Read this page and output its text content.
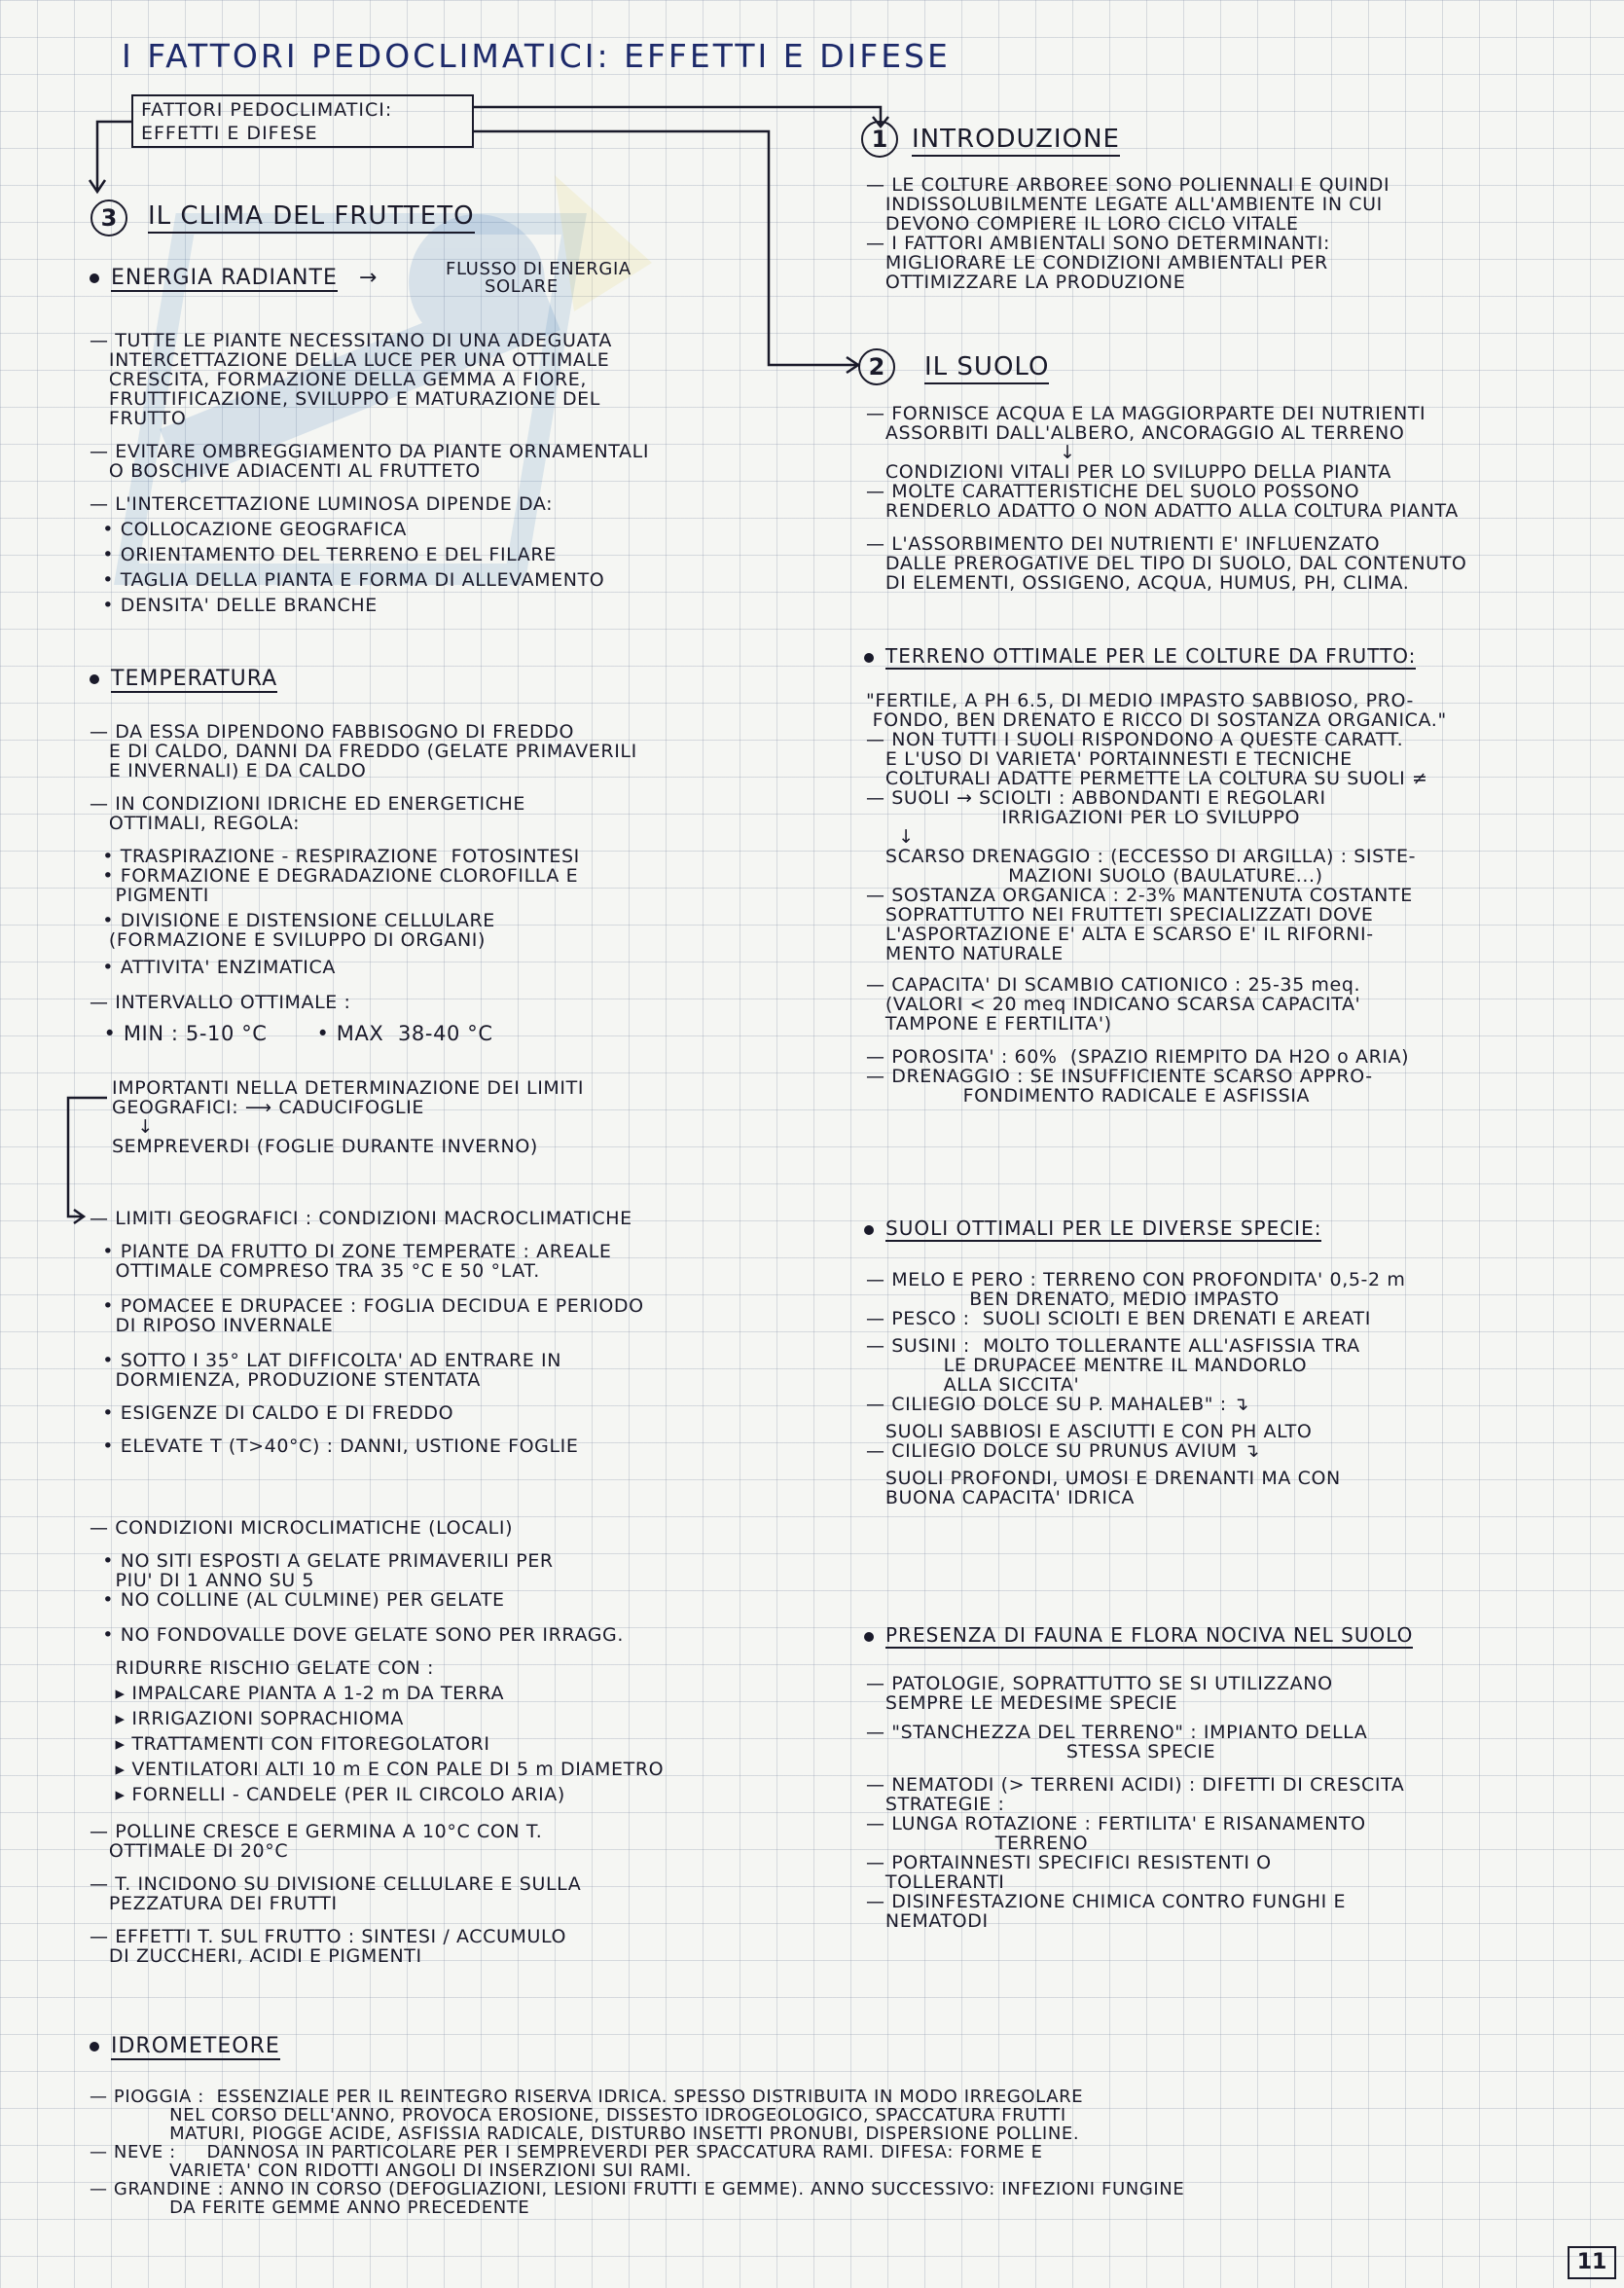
I FATTORI PEDOCLIMATICI: EFFETTI E DIFESE
FATTORI PEDOCLIMATICI:
EFFETTI E DIFESE
3	IL CLIMA DEL FRUTTETO
ENERGIA RADIANTE →	FLUSSO DI ENERGIA
SOLARE
— TUTTE LE PIANTE NECESSITANO DI UNA ADEGUATA
INTERCETTAZIONE DELLA LUCE PER UNA OTTIMALE
CRESCITA, FORMAZIONE DELLA GEMMA A FIORE,
FRUTTIFICAZIONE, SVILUPPO E MATURAZIONE DEL
FRUTTO
— EVITARE OMBREGGIAMENTO DA PIANTE ORNAMENTALI
O BOSCHIVE ADIACENTI AL FRUTTETO
— L'INTERCETTAZIONE LUMINOSA DIPENDE DA:
• COLLOCAZIONE GEOGRAFICA
• ORIENTAMENTO DEL TERRENO E DEL FILARE
• TAGLIA DELLA PIANTA E FORMA DI ALLEVAMENTO
• DENSITA' DELLE BRANCHE
TEMPERATURA
— DA ESSA DIPENDONO FABBISOGNO DI FREDDO
E DI CALDO, DANNI DA FREDDO (GELATE PRIMAVERILI
E INVERNALI) E DA CALDO
— IN CONDIZIONI IDRICHE ED ENERGETICHE
OTTIMALI, REGOLA:
• TRASPIRAZIONE - RESPIRAZIONE  FOTOSINTESI
• FORMAZIONE E DEGRADAZIONE CLOROFILLA E
PIGMENTI
• DIVISIONE E DISTENSIONE CELLULARE
(FORMAZIONE E SVILUPPO DI ORGANI)
• ATTIVITA' ENZIMATICA
— INTERVALLO OTTIMALE :
• MIN : 5-10 °C       • MAX  38-40 °C
IMPORTANTI NELLA DETERMINAZIONE DEI LIMITI
GEOGRAFICI: ⟶ CADUCIFOGLIE
↓
SEMPREVERDI (FOGLIE DURANTE INVERNO)
— LIMITI GEOGRAFICI : CONDIZIONI MACROCLIMATICHE
• PIANTE DA FRUTTO DI ZONE TEMPERATE : AREALE
OTTIMALE COMPRESO TRA 35 °C E 50 °LAT.
• POMACEE E DRUPACEE : FOGLIA DECIDUA E PERIODO
DI RIPOSO INVERNALE
• SOTTO I 35° LAT DIFFICOLTA' AD ENTRARE IN
DORMIENZA, PRODUZIONE STENTATA
• ESIGENZE DI CALDO E DI FREDDO
• ELEVATE T (T>40°C) : DANNI, USTIONE FOGLIE
— CONDIZIONI MICROCLIMATICHE (LOCALI)
• NO SITI ESPOSTI A GELATE PRIMAVERILI PER
PIU' DI 1 ANNO SU 5
• NO COLLINE (AL CULMINE) PER GELATE
• NO FONDOVALLE DOVE GELATE SONO PER IRRAGG.
RIDURRE RISCHIO GELATE CON :
▸ IMPALCARE PIANTA A 1-2 m DA TERRA
▸ IRRIGAZIONI SOPRACHIOMA
▸ TRATTAMENTI CON FITOREGOLATORI
▸ VENTILATORI ALTI 10 m E CON PALE DI 5 m DIAMETRO
▸ FORNELLI - CANDELE (PER IL CIRCOLO ARIA)
— POLLINE CRESCE E GERMINA A 10°C CON T.
OTTIMALE DI 20°C
— T. INCIDONO SU DIVISIONE CELLULARE E SULLA
PEZZATURA DEI FRUTTI
— EFFETTI T. SUL FRUTTO : SINTESI / ACCUMULO
DI ZUCCHERI, ACIDI E PIGMENTI
IDROMETEORE
1 INTRODUZIONE
— LE COLTURE ARBOREE SONO POLIENNALI E QUINDI
INDISSOLUBILMENTE LEGATE ALL'AMBIENTE IN CUI
DEVONO COMPIERE IL LORO CICLO VITALE
— I FATTORI AMBIENTALI SONO DETERMINANTI:
MIGLIORARE LE CONDIZIONI AMBIENTALI PER
OTTIMIZZARE LA PRODUZIONE
2	IL SUOLO
— FORNISCE ACQUA E LA MAGGIORPARTE DEI NUTRIENTI
ASSORBITI DALL'ALBERO, ANCORAGGIO AL TERRENO
↓
CONDIZIONI VITALI PER LO SVILUPPO DELLA PIANTA
— MOLTE CARATTERISTICHE DEL SUOLO POSSONO
RENDERLO ADATTO O NON ADATTO ALLA COLTURA PIANTA
— L'ASSORBIMENTO DEI NUTRIENTI E' INFLUENZATO
DALLE PREROGATIVE DEL TIPO DI SUOLO, DAL CONTENUTO
DI ELEMENTI, OSSIGENO, ACQUA, HUMUS, PH, CLIMA.
TERRENO OTTIMALE PER LE COLTURE DA FRUTTO:
"FERTILE, A PH 6.5, DI MEDIO IMPASTO SABBIOSO, PRO-
FONDO, BEN DRENATO E RICCO DI SOSTANZA ORGANICA."
— NON TUTTI I SUOLI RISPONDONO A QUESTE CARATT.
E L'USO DI VARIETA' PORTAINNESTI E TECNICHE
COLTURALI ADATTE PERMETTE LA COLTURA SU SUOLI ≠
— SUOLI → SCIOLTI : ABBONDANTI E REGOLARI
IRRIGAZIONI PER LO SVILUPPO
↓
SCARSO DRENAGGIO : (ECCESSO DI ARGILLA) : SISTE-
MAZIONI SUOLO (BAULATURE...)
— SOSTANZA ORGANICA : 2-3% MANTENUTA COSTANTE
SOPRATTUTTO NEI FRUTTETI SPECIALIZZATI DOVE
L'ASPORTAZIONE E' ALTA E SCARSO E' IL RIFORNI-
MENTO NATURALE
— CAPACITA' DI SCAMBIO CATIONICO : 25-35 meq.
(VALORI < 20 meq INDICANO SCARSA CAPACITA'
TAMPONE E FERTILITA')
— POROSITA' : 60%  (SPAZIO RIEMPITO DA H2O o ARIA)
— DRENAGGIO : SE INSUFFICIENTE SCARSO APPRO-
FONDIMENTO RADICALE E ASFISSIA
SUOLI OTTIMALI PER LE DIVERSE SPECIE:
— MELO E PERO : TERRENO CON PROFONDITA' 0,5-2 m
BEN DRENATO, MEDIO IMPASTO
— PESCO :  SUOLI SCIOLTI E BEN DRENATI E AREATI
— SUSINI :  MOLTO TOLLERANTE ALL'ASFISSIA TRA
LE DRUPACEE MENTRE IL MANDORLO
ALLA SICCITA'
— CILIEGIO DOLCE SU P. MAHALEB" : ↴
SUOLI SABBIOSI E ASCIUTTI E CON PH ALTO
— CILIEGIO DOLCE SU PRUNUS AVIUM ↴
SUOLI PROFONDI, UMOSI E DRENANTI MA CON
BUONA CAPACITA' IDRICA
PRESENZA DI FAUNA E FLORA NOCIVA NEL SUOLO
— PATOLOGIE, SOPRATTUTTO SE SI UTILIZZANO
SEMPRE LE MEDESIME SPECIE
— "STANCHEZZA DEL TERRENO" : IMPIANTO DELLA
STESSA SPECIE
— NEMATODI (> TERRENI ACIDI) : DIFETTI DI CRESCITA
STRATEGIE :
— LUNGA ROTAZIONE : FERTILITA' E RISANAMENTO
TERRENO
— PORTAINNESTI SPECIFICI RESISTENTI O
TOLLERANTI
— DISINFESTAZIONE CHIMICA CONTRO FUNGHI E
NEMATODI
— PIOGGIA :  ESSENZIALE PER IL REINTEGRO RISERVA IDRICA. SPESSO DISTRIBUITA IN MODO IRREGOLARE
NEL CORSO DELL'ANNO, PROVOCA EROSIONE, DISSESTO IDROGEOLOGICO, SPACCATURA FRUTTI
MATURI, PIOGGE ACIDE, ASFISSIA RADICALE, DISTURBO INSETTI PRONUBI, DISPERSIONE POLLINE.
— NEVE :     DANNOSA IN PARTICOLARE PER I SEMPREVERDI PER SPACCATURA RAMI. DIFESA: FORME E
VARIETA' CON RIDOTTI ANGOLI DI INSERZIONI SUI RAMI.
— GRANDINE : ANNO IN CORSO (DEFOGLIAZIONI, LESIONI FRUTTI E GEMME). ANNO SUCCESSIVO: INFEZIONI FUNGINE
DA FERITE GEMME ANNO PRECEDENTE
11
